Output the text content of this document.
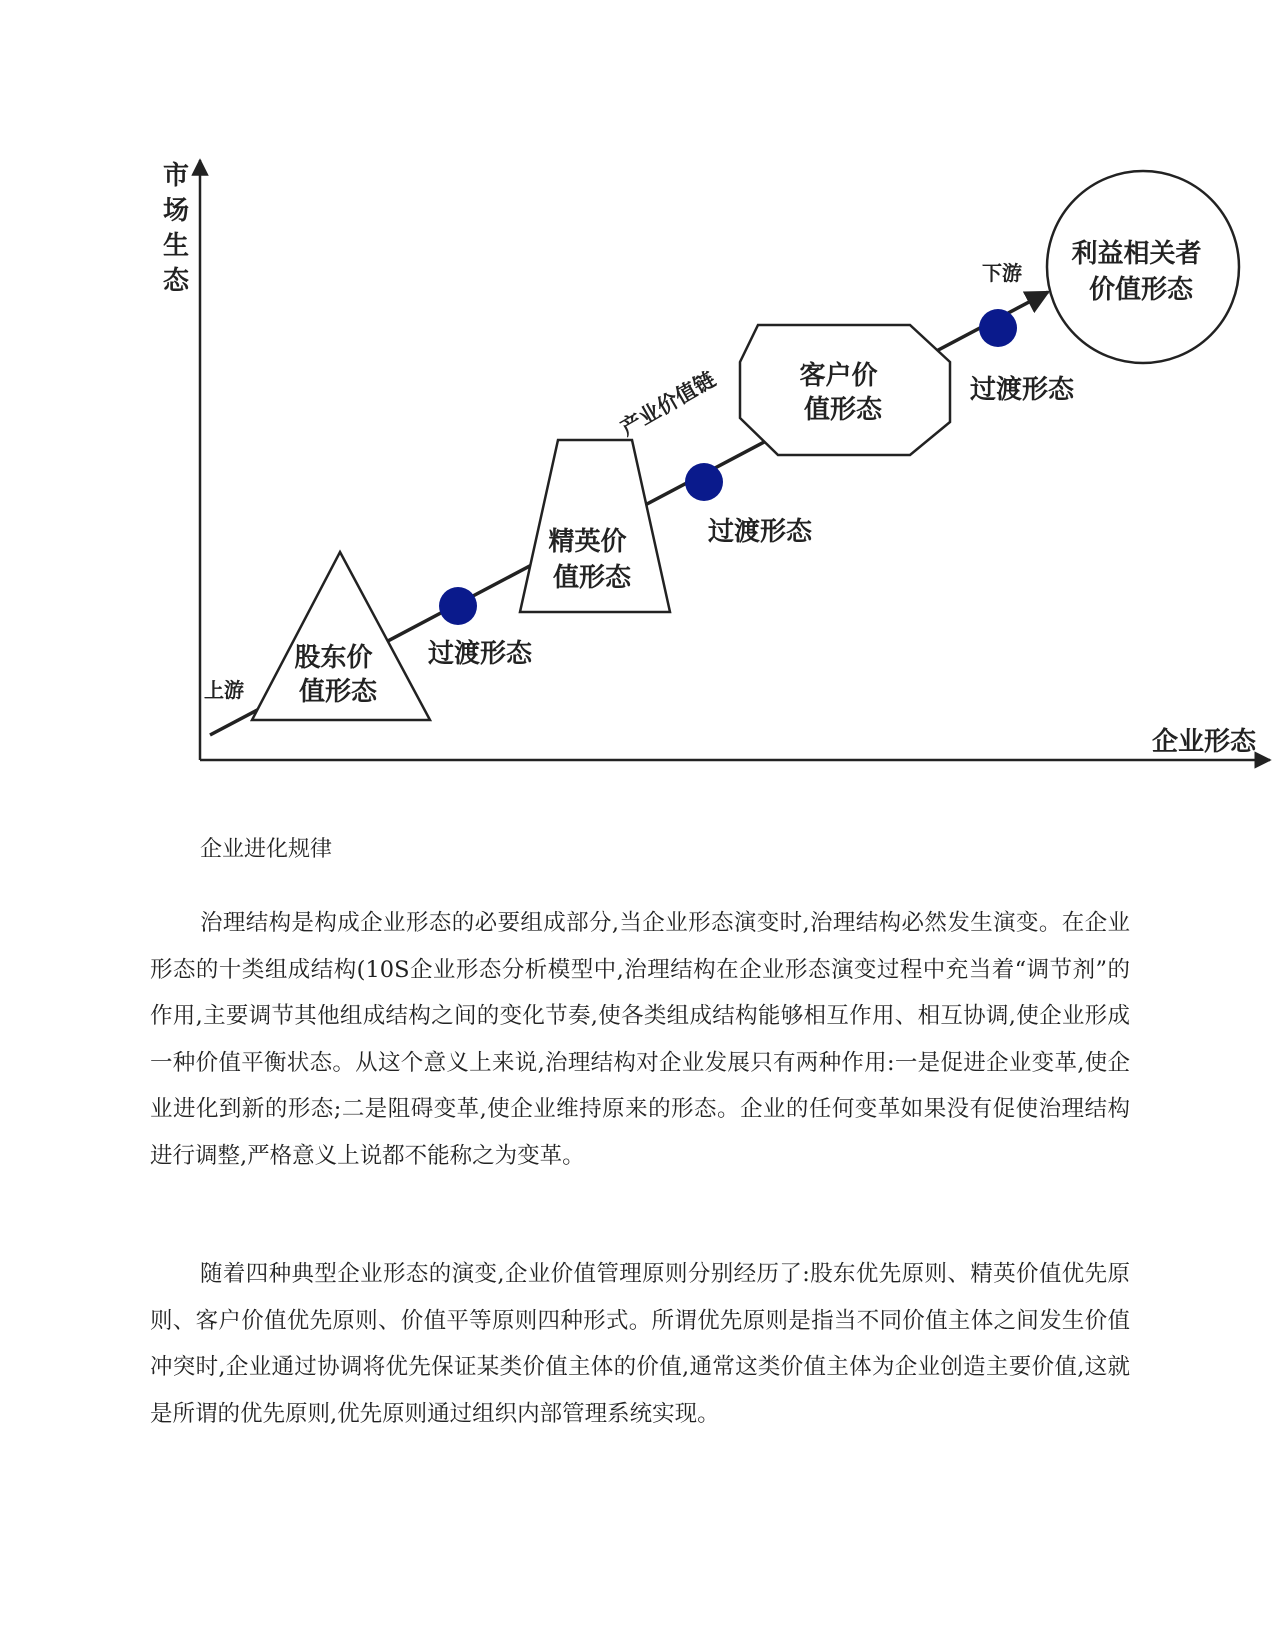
市 场 生 态
企业形态
上游
下游
产业价值链
股东价 值形态
过渡形态
精英价 值形态
过渡形态
客户价 值形态
过渡形态
利益相关者 价值形态

企业进化规律

治理结构是构成企业形态的必要组成部分,当企业形态演变时,治理结构必然发生演变。在企业形态的十类组成结构(10S企业形态分析模型中,治理结构在企业形态演变过程中充当着“调节剂”的作用,主要调节其他组成结构之间的变化节奏,使各类组成结构能够相互作用、相互协调,使企业形成一种价值平衡状态。从这个意义上来说,治理结构对企业发展只有两种作用:一是促进企业变革,使企业进化到新的形态;二是阻碍变革,使企业维持原来的形态。企业的任何变革如果没有促使治理结构进行调整,严格意义上说都不能称之为变革。

随着四种典型企业形态的演变,企业价值管理原则分别经历了:股东优先原则、精英价值优先原则、客户价值优先原则、价值平等原则四种形式。所谓优先原则是指当不同价值主体之间发生价值冲突时,企业通过协调将优先保证某类价值主体的价值,通常这类价值主体为企业创造主要价值,这就是所谓的优先原则,优先原则通过组织内部管理系统实现。
